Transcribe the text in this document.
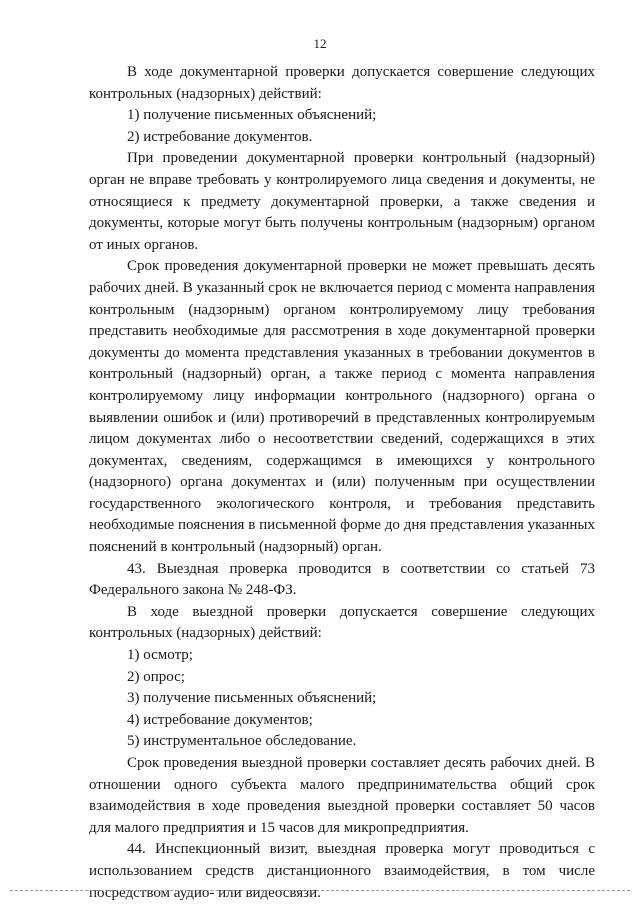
12

В ходе документарной проверки допускается совершение следующих контрольных (надзорных) действий:

1) получение письменных объяснений;

2) истребование документов.

При проведении документарной проверки контрольный (надзорный) орган не вправе требовать у контролируемого лица сведения и документы, не относящиеся к предмету документарной проверки, а также сведения и документы, которые могут быть получены контрольным (надзорным) органом от иных органов.

Срок проведения документарной проверки не может превышать десять рабочих дней. В указанный срок не включается период с момента направления контрольным (надзорным) органом контролируемому лицу требования представить необходимые для рассмотрения в ходе документарной проверки документы до момента представления указанных в требовании документов в контрольный (надзорный) орган, а также период с момента направления контролируемому лицу информации контрольного (надзорного) органа о выявлении ошибок и (или) противоречий в представленных контролируемым лицом документах либо о несоответствии сведений, содержащихся в этих документах, сведениям, содержащимся в имеющихся у контрольного (надзорного) органа документах и (или) полученным при осуществлении государственного экологического контроля, и требования представить необходимые пояснения в письменной форме до дня представления указанных пояснений в контрольный (надзорный) орган.

43. Выездная проверка проводится в соответствии со статьей 73 Федерального закона № 248-ФЗ.

В ходе выездной проверки допускается совершение следующих контрольных (надзорных) действий:

1) осмотр;

2) опрос;

3) получение письменных объяснений;

4) истребование документов;

5) инструментальное обследование.

Срок проведения выездной проверки составляет десять рабочих дней. В отношении одного субъекта малого предпринимательства общий срок взаимодействия в ходе проведения выездной проверки составляет 50 часов для малого предприятия и 15 часов для микропредприятия.

44. Инспекционный визит, выездная проверка могут проводиться с использованием средств дистанционного взаимодействия, в том числе посредством аудио- или видеосвязи.
